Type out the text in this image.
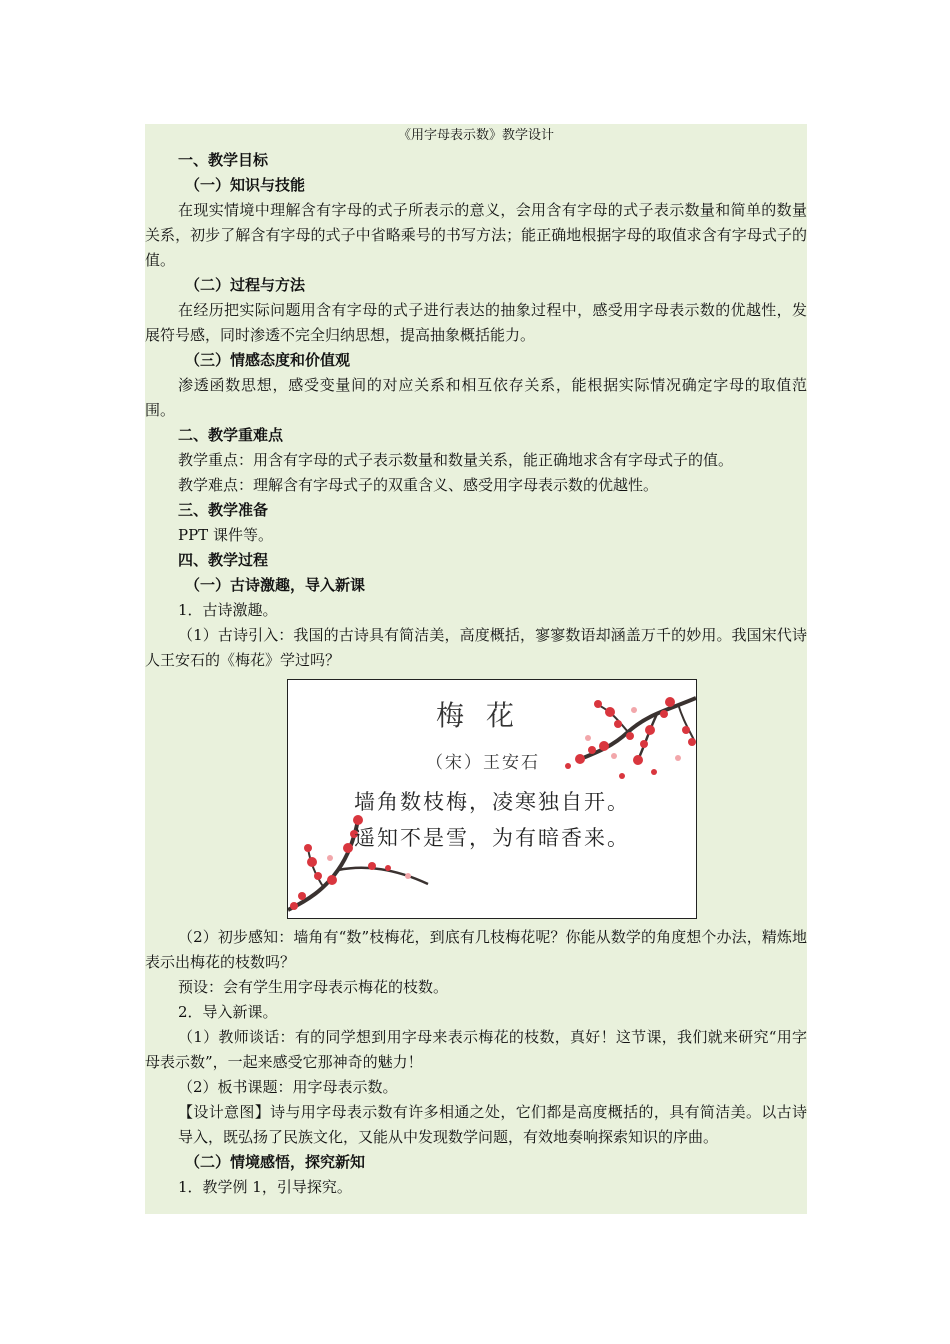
《用字母表示数》教学设计
一、教学目标
（一）知识与技能

在现实情境中理解含有字母的式子所表示的意义，会用含有字母的式子表示数量和简单的数量关系，初步了解含有字母的式子中省略乘号的书写方法；能正确地根据字母的取值求含有字母式子的值。

（二）过程与方法

在经历把实际问题用含有字母的式子进行表达的抽象过程中，感受用字母表示数的优越性，发展符号感，同时渗透不完全归纳思想，提高抽象概括能力。

（三）情感态度和价值观

渗透函数思想，感受变量间的对应关系和相互依存关系，能根据实际情况确定字母的取值范围。

二、教学重难点

教学重点：用含有字母的式子表示数量和数量关系，能正确地求含有字母式子的值。

教学难点：理解含有字母式子的双重含义、感受用字母表示数的优越性。

三、教学准备

PPT 课件等。

四、教学过程
（一）古诗激趣，导入新课

1．古诗激趣。

（1）古诗引入：我国的古诗具有简洁美，高度概括，寥寥数语却涵盖万千的妙用。我国宋代诗人王安石的《梅花》学过吗？

梅花
（宋）王安石
墙角数枝梅，凌寒独自开。
遥知不是雪，为有暗香来。

（2）初步感知：墙角有“数”枝梅花，到底有几枝梅花呢？你能从数学的角度想个办法，精炼地表示出梅花的枝数吗？

预设：会有学生用字母表示梅花的枝数。

2．导入新课。

（1）教师谈话：有的同学想到用字母来表示梅花的枝数，真好！这节课，我们就来研究“用字母表示数”，一起来感受它那神奇的魅力！

（2）板书课题：用字母表示数。

【设计意图】诗与用字母表示数有许多相通之处，它们都是高度概括的，具有简洁美。以古诗导入，既弘扬了民族文化，又能从中发现数学问题，有效地奏响探索知识的序曲。

（二）情境感悟，探究新知

1．教学例 1，引导探究。
